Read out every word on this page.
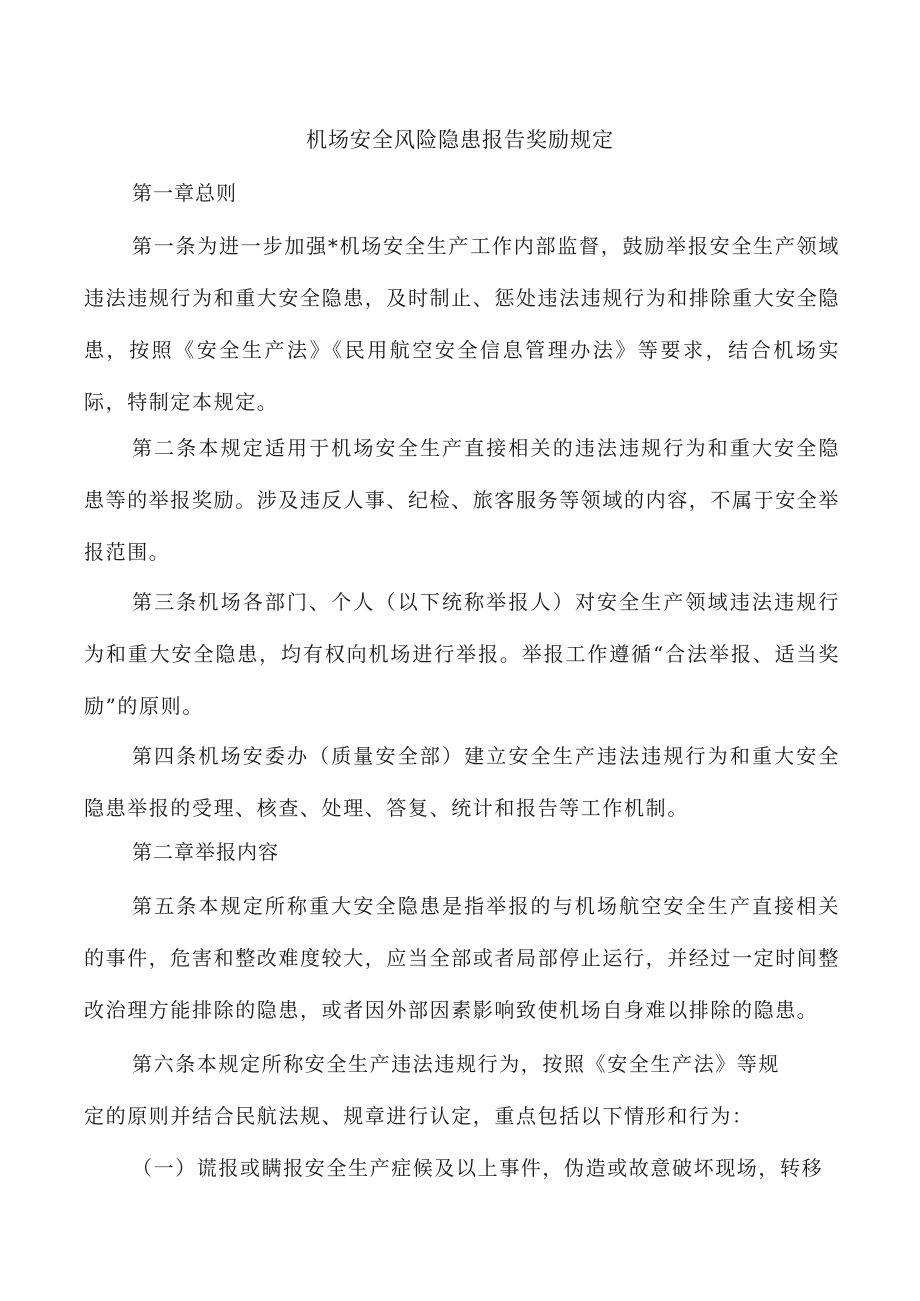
机场安全风险隐患报告奖励规定

第一章总则

第一条为进一步加强*机场安全生产工作内部监督，鼓励举报安全生产领域违法违规行为和重大安全隐患，及时制止、惩处违法违规行为和排除重大安全隐患，按照《安全生产法》《民用航空安全信息管理办法》等要求，结合机场实际，特制定本规定。

第二条本规定适用于机场安全生产直接相关的违法违规行为和重大安全隐患等的举报奖励。涉及违反人事、纪检、旅客服务等领域的内容，不属于安全举报范围。

第三条机场各部门、个人（以下统称举报人）对安全生产领域违法违规行为和重大安全隐患，均有权向机场进行举报。举报工作遵循“合法举报、适当奖励”的原则。

第四条机场安委办（质量安全部）建立安全生产违法违规行为和重大安全隐患举报的受理、核查、处理、答复、统计和报告等工作机制。

第二章举报内容

第五条本规定所称重大安全隐患是指举报的与机场航空安全生产直接相关的事件，危害和整改难度较大，应当全部或者局部停止运行，并经过一定时间整改治理方能排除的隐患，或者因外部因素影响致使机场自身难以排除的隐患。

第六条本规定所称安全生产违法违规行为，按照《安全生产法》等规

定的原则并结合民航法规、规章进行认定，重点包括以下情形和行为：

（一）谎报或瞒报安全生产症候及以上事件，伪造或故意破坏现场，转移
